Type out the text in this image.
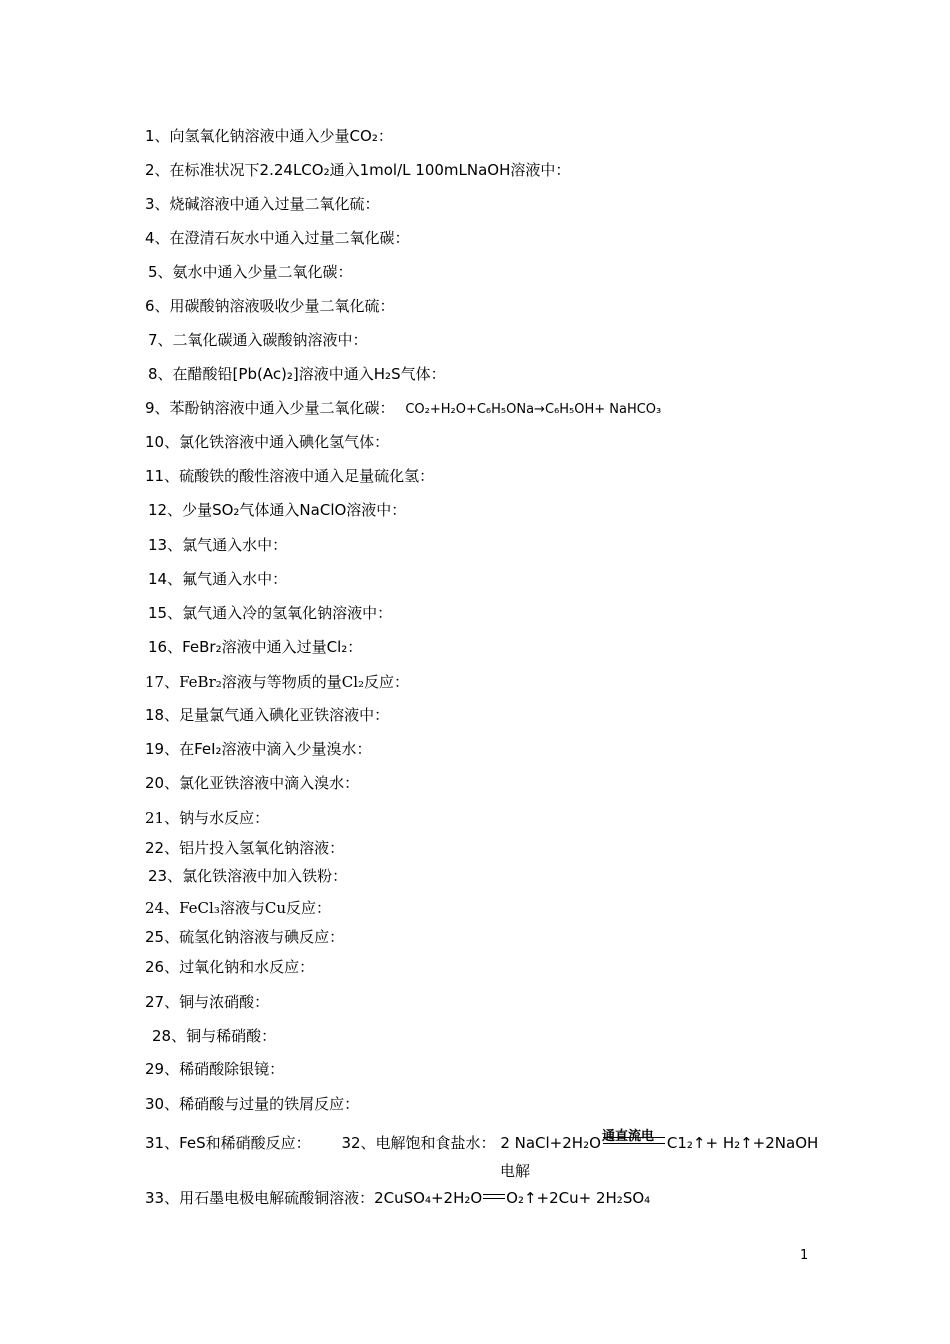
1、向氢氧化钠溶液中通入少量CO₂：
2、在标准状况下2.24LCO₂通入1mol/L 100mLNaOH溶液中：
3、烧碱溶液中通入过量二氧化硫：
4、在澄清石灰水中通入过量二氧化碳：
5、氨水中通入少量二氧化碳：
6、用碳酸钠溶液吸收少量二氧化硫：
7、二氧化碳通入碳酸钠溶液中：
8、在醋酸铅[Pb(Ac)₂]溶液中通入H₂S气体：
9、苯酚钠溶液中通入少量二氧化碳： CO₂+H₂O+C₆H₅ONa→C₆H₅OH+ NaHCO₃
10、氯化铁溶液中通入碘化氢气体：
11、硫酸铁的酸性溶液中通入足量硫化氢：
12、少量SO₂气体通入NaClO溶液中：
13、氯气通入水中：
14、氟气通入水中：
15、氯气通入冷的氢氧化钠溶液中：
16、FeBr₂溶液中通入过量Cl₂：
17、FeBr₂溶液与等物质的量Cl₂反应：
18、足量氯气通入碘化亚铁溶液中：
19、在FeI₂溶液中滴入少量溴水：
20、氯化亚铁溶液中滴入溴水：
21、钠与水反应：
22、铝片投入氢氧化钠溶液：
23、氯化铁溶液中加入铁粉：
24、FeCl₃溶液与Cu反应：
25、硫氢化钠溶液与碘反应：
26、过氧化钠和水反应：
27、铜与浓硝酸：
28、铜与稀硝酸：
29、稀硝酸除银镜：
30、稀硝酸与过量的铁屑反应：
31、FeS和稀硝酸反应： 32、电解饱和食盐水： 2 NaCl+2H₂O	C1₂↑+ H₂↑+2NaOH
通直流电
电解
33、用石墨电极电解硫酸铜溶液：2CuSO₄+2H₂O O₂↑+2Cu+ 2H₂SO₄
1
